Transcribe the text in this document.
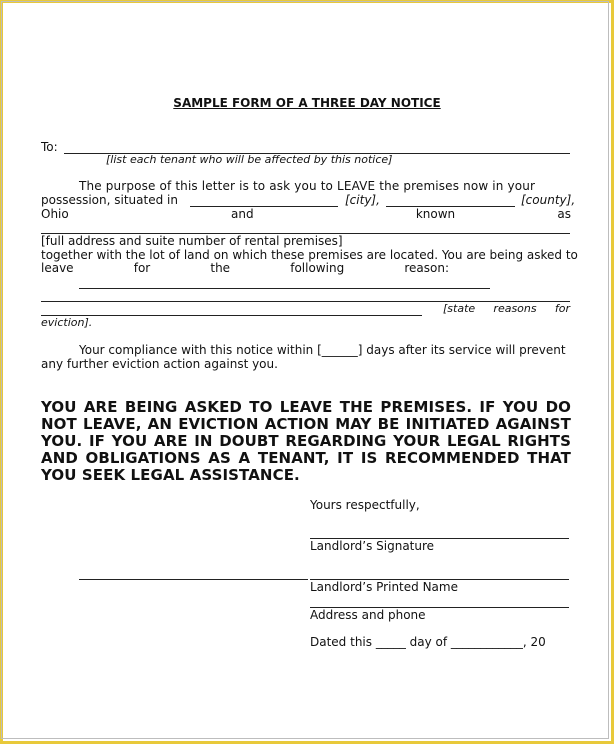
SAMPLE FORM OF A THREE DAY NOTICE
To:
[list each tenant who will be affected by this notice]
The purpose of this letter is to ask you to LEAVE the premises now in your
possession, situated in	[city],	[county],
Ohio	and	known	as
[full address and suite number of rental premises]
together with the lot of land on which these premises are located. You are being asked to
leave	for	the	following	reason:
[state reasons for
eviction].
Your compliance with this notice within [______] days after its service will prevent
any further eviction action against you.
YOU ARE BEING ASKED TO LEAVE THE PREMISES. IF YOU DO NOT LEAVE, AN EVICTION ACTION MAY BE INITIATED AGAINST YOU. IF YOU ARE IN DOUBT REGARDING YOUR LEGAL RIGHTS AND OBLIGATIONS AS A TENANT, IT IS RECOMMENDED THAT YOU SEEK LEGAL ASSISTANCE.
Yours respectfully,
Landlord’s Signature
Landlord’s Printed Name
Address and phone
Dated this _____ day of ____________, 20
